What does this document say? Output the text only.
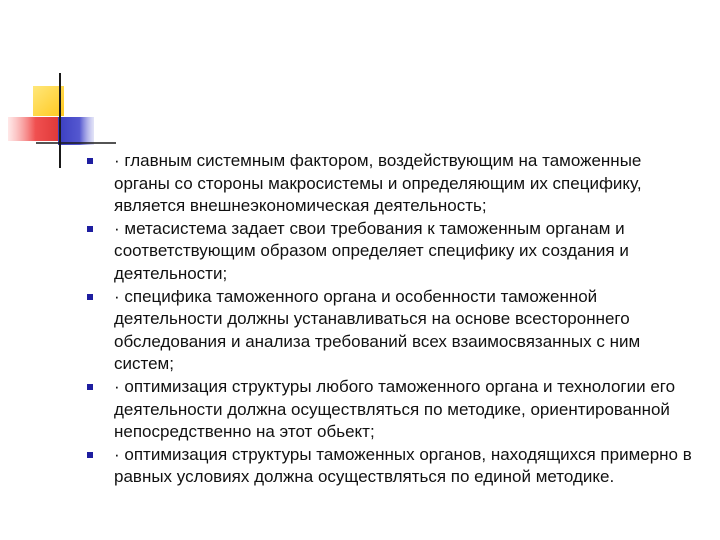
· главным системным фактором, воздействующим на таможенные органы со стороны макросистемы и определяющим их специфику, является внешнеэкономическая деятельность;
· метасистема задает свои требования к таможенным органам и соответствующим образом определяет специфику их создания и деятельности;
· специфика таможенного органа и особенности таможенной деятельности должны устанавливаться на основе всестороннего обследования и анализа требований всех взаимосвязанных с ним систем;
· оптимизация структуры любого таможенного органа и технологии его деятельности должна осуществляться по методике, ориентированной непосредственно на этот обьект;
· оптимизация структуры таможенных органов, находящихся примерно в равных условиях должна осуществляться по единой методике.
